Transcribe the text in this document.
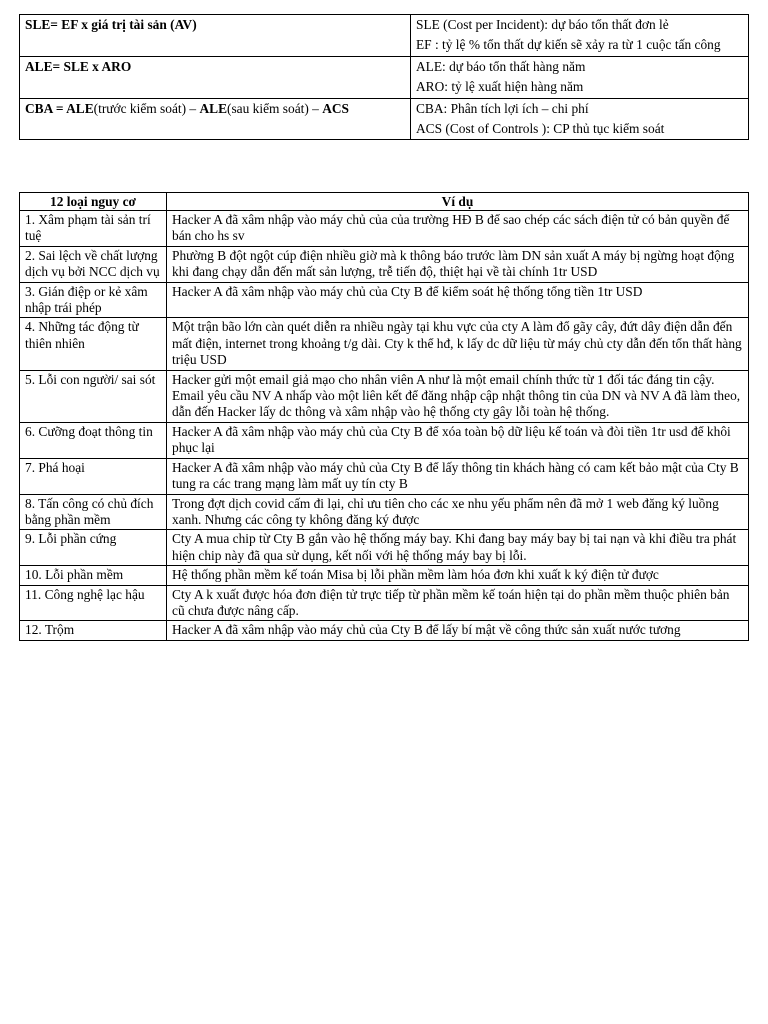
SLE= EF x giá trị tài sản (AV)	SLE (Cost per Incident): dự báo tổn thất đơn lẻ
EF : tỷ lệ % tổn thất dự kiến sẽ xảy ra từ 1 cuộc tấn công

ALE= SLE x ARO	ALE: dự báo tổn thất hàng năm
ARO: tỷ lệ xuất hiện hàng năm

CBA = ALE(trước kiểm soát) – ALE(sau kiểm soát) – ACS	CBA: Phân tích lợi ích – chi phí
ACS (Cost of Controls ): CP thủ tục kiểm soát
12 loại nguy cơ	Ví dụ
1. Xâm phạm tài sản trí tuệ	Hacker A đã xâm nhập vào máy chủ của của trường HĐ B để sao chép các sách điện tử có bản quyền để bán cho hs sv
2. Sai lệch về chất lượng dịch vụ bởi NCC dịch vụ	Phường B đột ngột cúp điện nhiều giờ mà k thông báo trước làm DN sản xuất A máy bị ngừng hoạt động khi đang chạy dẫn đến mất sản lượng, trễ tiến độ, thiệt hại về tài chính 1tr USD
3. Gián điệp or kẻ xâm nhập trái phép	Hacker A đã xâm nhập vào máy chủ của Cty B để kiểm soát hệ thống tổng tiền 1tr USD
4. Những tác động từ thiên nhiên	Một trận bão lớn càn quét diễn ra nhiều ngày tại khu vực của cty A làm đổ gãy cây, đứt dây điện dẫn đến mất điện, internet trong khoảng t/g dài. Cty k thể hđ, k lấy dc dữ liệu từ máy chủ cty dẫn đến tổn thất hàng triệu USD
5. Lỗi con người/ sai sót	Hacker gửi một email giả mạo cho nhân viên A như là một email chính thức từ 1 đối tác đáng tin cậy. Email yêu cầu NV A nhấp vào một liên kết để đăng nhập cập nhật thông tin của DN và NV A đã làm theo, dẫn đến Hacker lấy dc thông và xâm nhập vào hệ thống cty gây lỗi toàn hệ thống.
6. Cưỡng đoạt thông tin	Hacker A đã xâm nhập vào máy chủ của Cty B để xóa toàn bộ dữ liệu kế toán và đòi tiền 1tr usd để khôi phục lại
7. Phá hoại	Hacker A đã xâm nhập vào máy chủ của Cty B để lấy thông tin khách hàng có cam kết bảo mật của Cty B tung ra các trang mạng làm mất uy tín cty B
8. Tấn công có chủ đích bằng phần mềm	Trong đợt dịch covid cấm đi lại, chỉ ưu tiên cho các xe nhu yếu phẩm nên đã mở 1 web đăng ký luồng xanh. Nhưng các công ty không đăng ký được
9. Lỗi phần cứng	Cty A mua chip từ Cty B gắn vào hệ thống máy bay. Khi đang bay máy bay bị tai nạn và khi điều tra phát hiện chip này đã qua sử dụng, kết nối với hệ thống máy bay bị lỗi.
10. Lỗi phần mềm	Hệ thống phần mềm kế toán Misa bị lỗi phần mềm làm hóa đơn khi xuất k ký điện tử được
11. Công nghệ lạc hậu	Cty A k xuất được hóa đơn điện tử trực tiếp từ phần mềm kế toán hiện tại do phần mềm thuộc phiên bản cũ chưa được nâng cấp.
12. Trộm	Hacker A đã xâm nhập vào máy chủ của Cty B để lấy bí mật về công thức sản xuất nước tương
